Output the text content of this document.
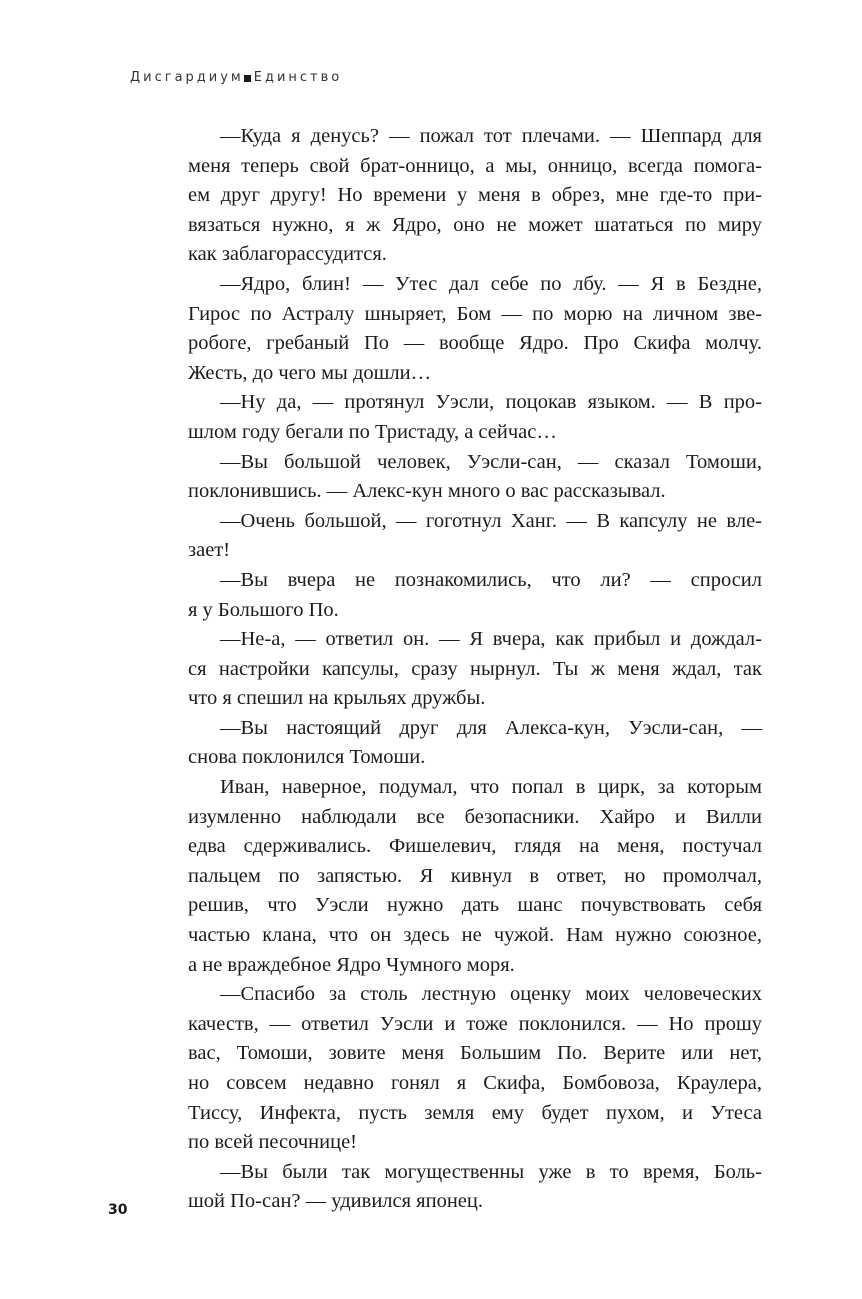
Дисгардиум Единство
—Куда я денусь? — пожал тот плечами. — Шеппард для
меня теперь свой брат-онницо, а мы, онницо, всегда помога-
ем друг другу! Но времени у меня в обрез, мне где-то при-
вязаться нужно, я ж Ядро, оно не может шататься по миру
как заблагорассудится.
—Ядро, блин! — Утес дал себе по лбу. — Я в Бездне,
Гирос по Астралу шныряет, Бом — по морю на личном зве-
робоге, гребаный По — вообще Ядро. Про Скифа молчу.
Жесть, до чего мы дошли…
—Ну да, — протянул Уэсли, поцокав языком. — В про-
шлом году бегали по Тристаду, а сейчас…
—Вы большой человек, Уэсли-сан, — сказал Томоши,
поклонившись. — Алекс-кун много о вас рассказывал.
—Очень большой, — гоготнул Ханг. — В капсулу не вле-
зает!
—Вы вчера не познакомились, что ли? — спросил
я у Большого По.
—Не-а, — ответил он. — Я вчера, как прибыл и дождал-
ся настройки капсулы, сразу нырнул. Ты ж меня ждал, так
что я спешил на крыльях дружбы.
—Вы настоящий друг для Алекса-кун, Уэсли-сан, —
снова поклонился Томоши.
Иван, наверное, подумал, что попал в цирк, за которым
изумленно наблюдали все безопасники. Хайро и Вилли
едва сдерживались. Фишелевич, глядя на меня, постучал
пальцем по запястью. Я кивнул в ответ, но промолчал,
решив, что Уэсли нужно дать шанс почувствовать себя
частью клана, что он здесь не чужой. Нам нужно союзное,
а не враждебное Ядро Чумного моря.
—Спасибо за столь лестную оценку моих человеческих
качеств, — ответил Уэсли и тоже поклонился. — Но прошу
вас, Томоши, зовите меня Большим По. Верите или нет,
но совсем недавно гонял я Скифа, Бомбовоза, Краулера,
Тиссу, Инфекта, пусть земля ему будет пухом, и Утеса
по всей песочнице!
—Вы были так могущественны уже в то время, Боль-
шой По-сан? — удивился японец.
30
